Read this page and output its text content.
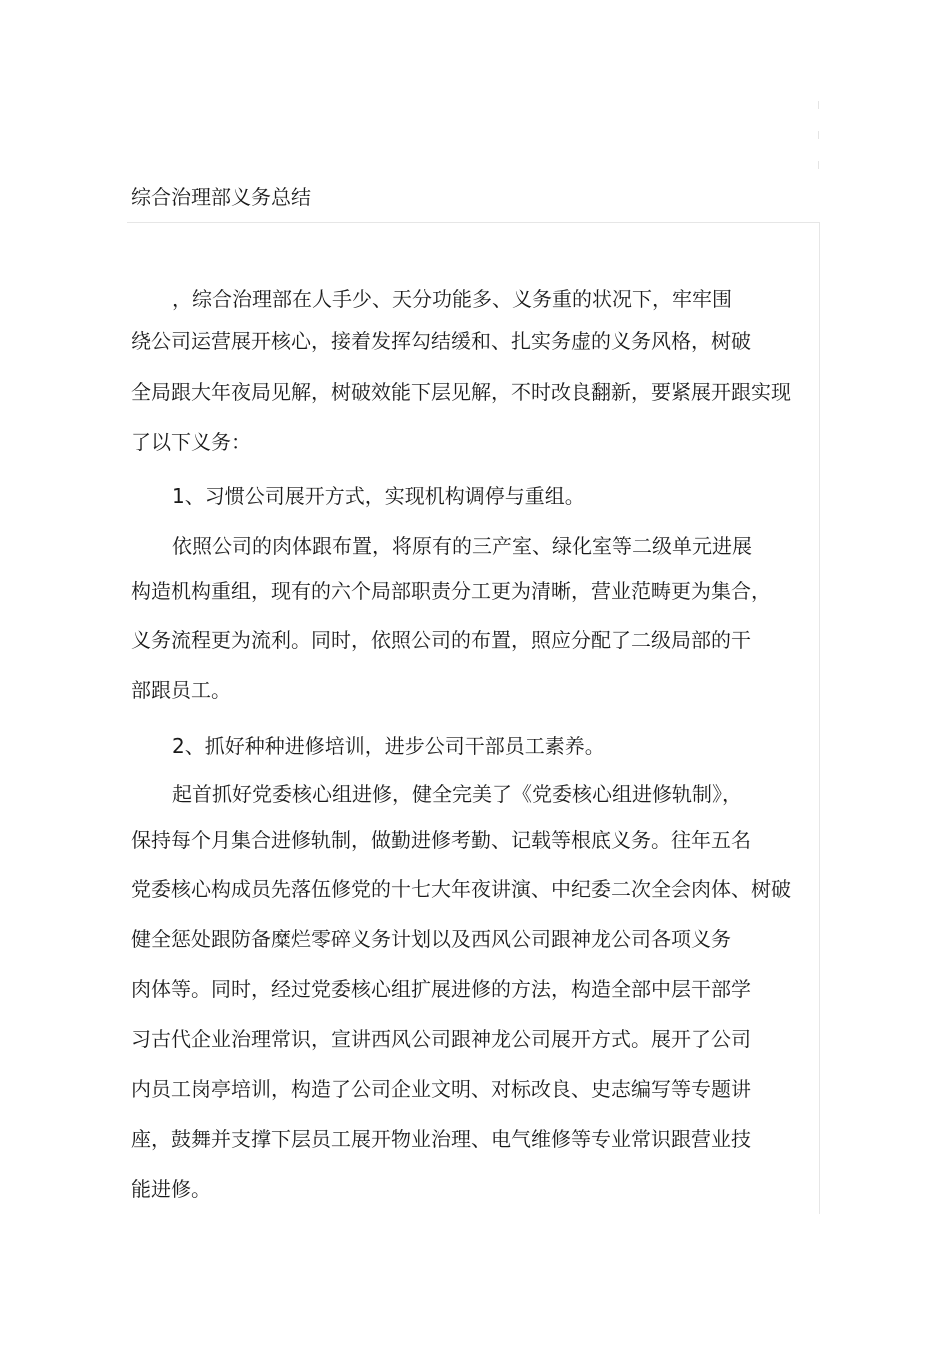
综合治理部义务总结

，综合治理部在人手少、天分功能多、义务重的状况下，牢牢围

绕公司运营展开核心，接着发挥勾结缓和、扎实务虚的义务风格，树破

全局跟大年夜局见解，树破效能下层见解，不时改良翻新，要紧展开跟实现

了以下义务：

1、习惯公司展开方式，实现机构调停与重组。

依照公司的肉体跟布置，将原有的三产室、绿化室等二级单元进展

构造机构重组，现有的六个局部职责分工更为清晰，营业范畴更为集合，

义务流程更为流利。同时，依照公司的布置，照应分配了二级局部的干

部跟员工。

2、抓好种种进修培训，进步公司干部员工素养。

起首抓好党委核心组进修，健全完美了《党委核心组进修轨制》，

保持每个月集合进修轨制，做勤进修考勤、记载等根底义务。往年五名

党委核心构成员先落伍修党的十七大年夜讲演、中纪委二次全会肉体、树破

健全惩处跟防备糜烂零碎义务计划以及西风公司跟神龙公司各项义务

肉体等。同时，经过党委核心组扩展进修的方法，构造全部中层干部学

习古代企业治理常识，宣讲西风公司跟神龙公司展开方式。展开了公司

内员工岗亭培训，构造了公司企业文明、对标改良、史志编写等专题讲

座，鼓舞并支撑下层员工展开物业治理、电气维修等专业常识跟营业技

能进修。
